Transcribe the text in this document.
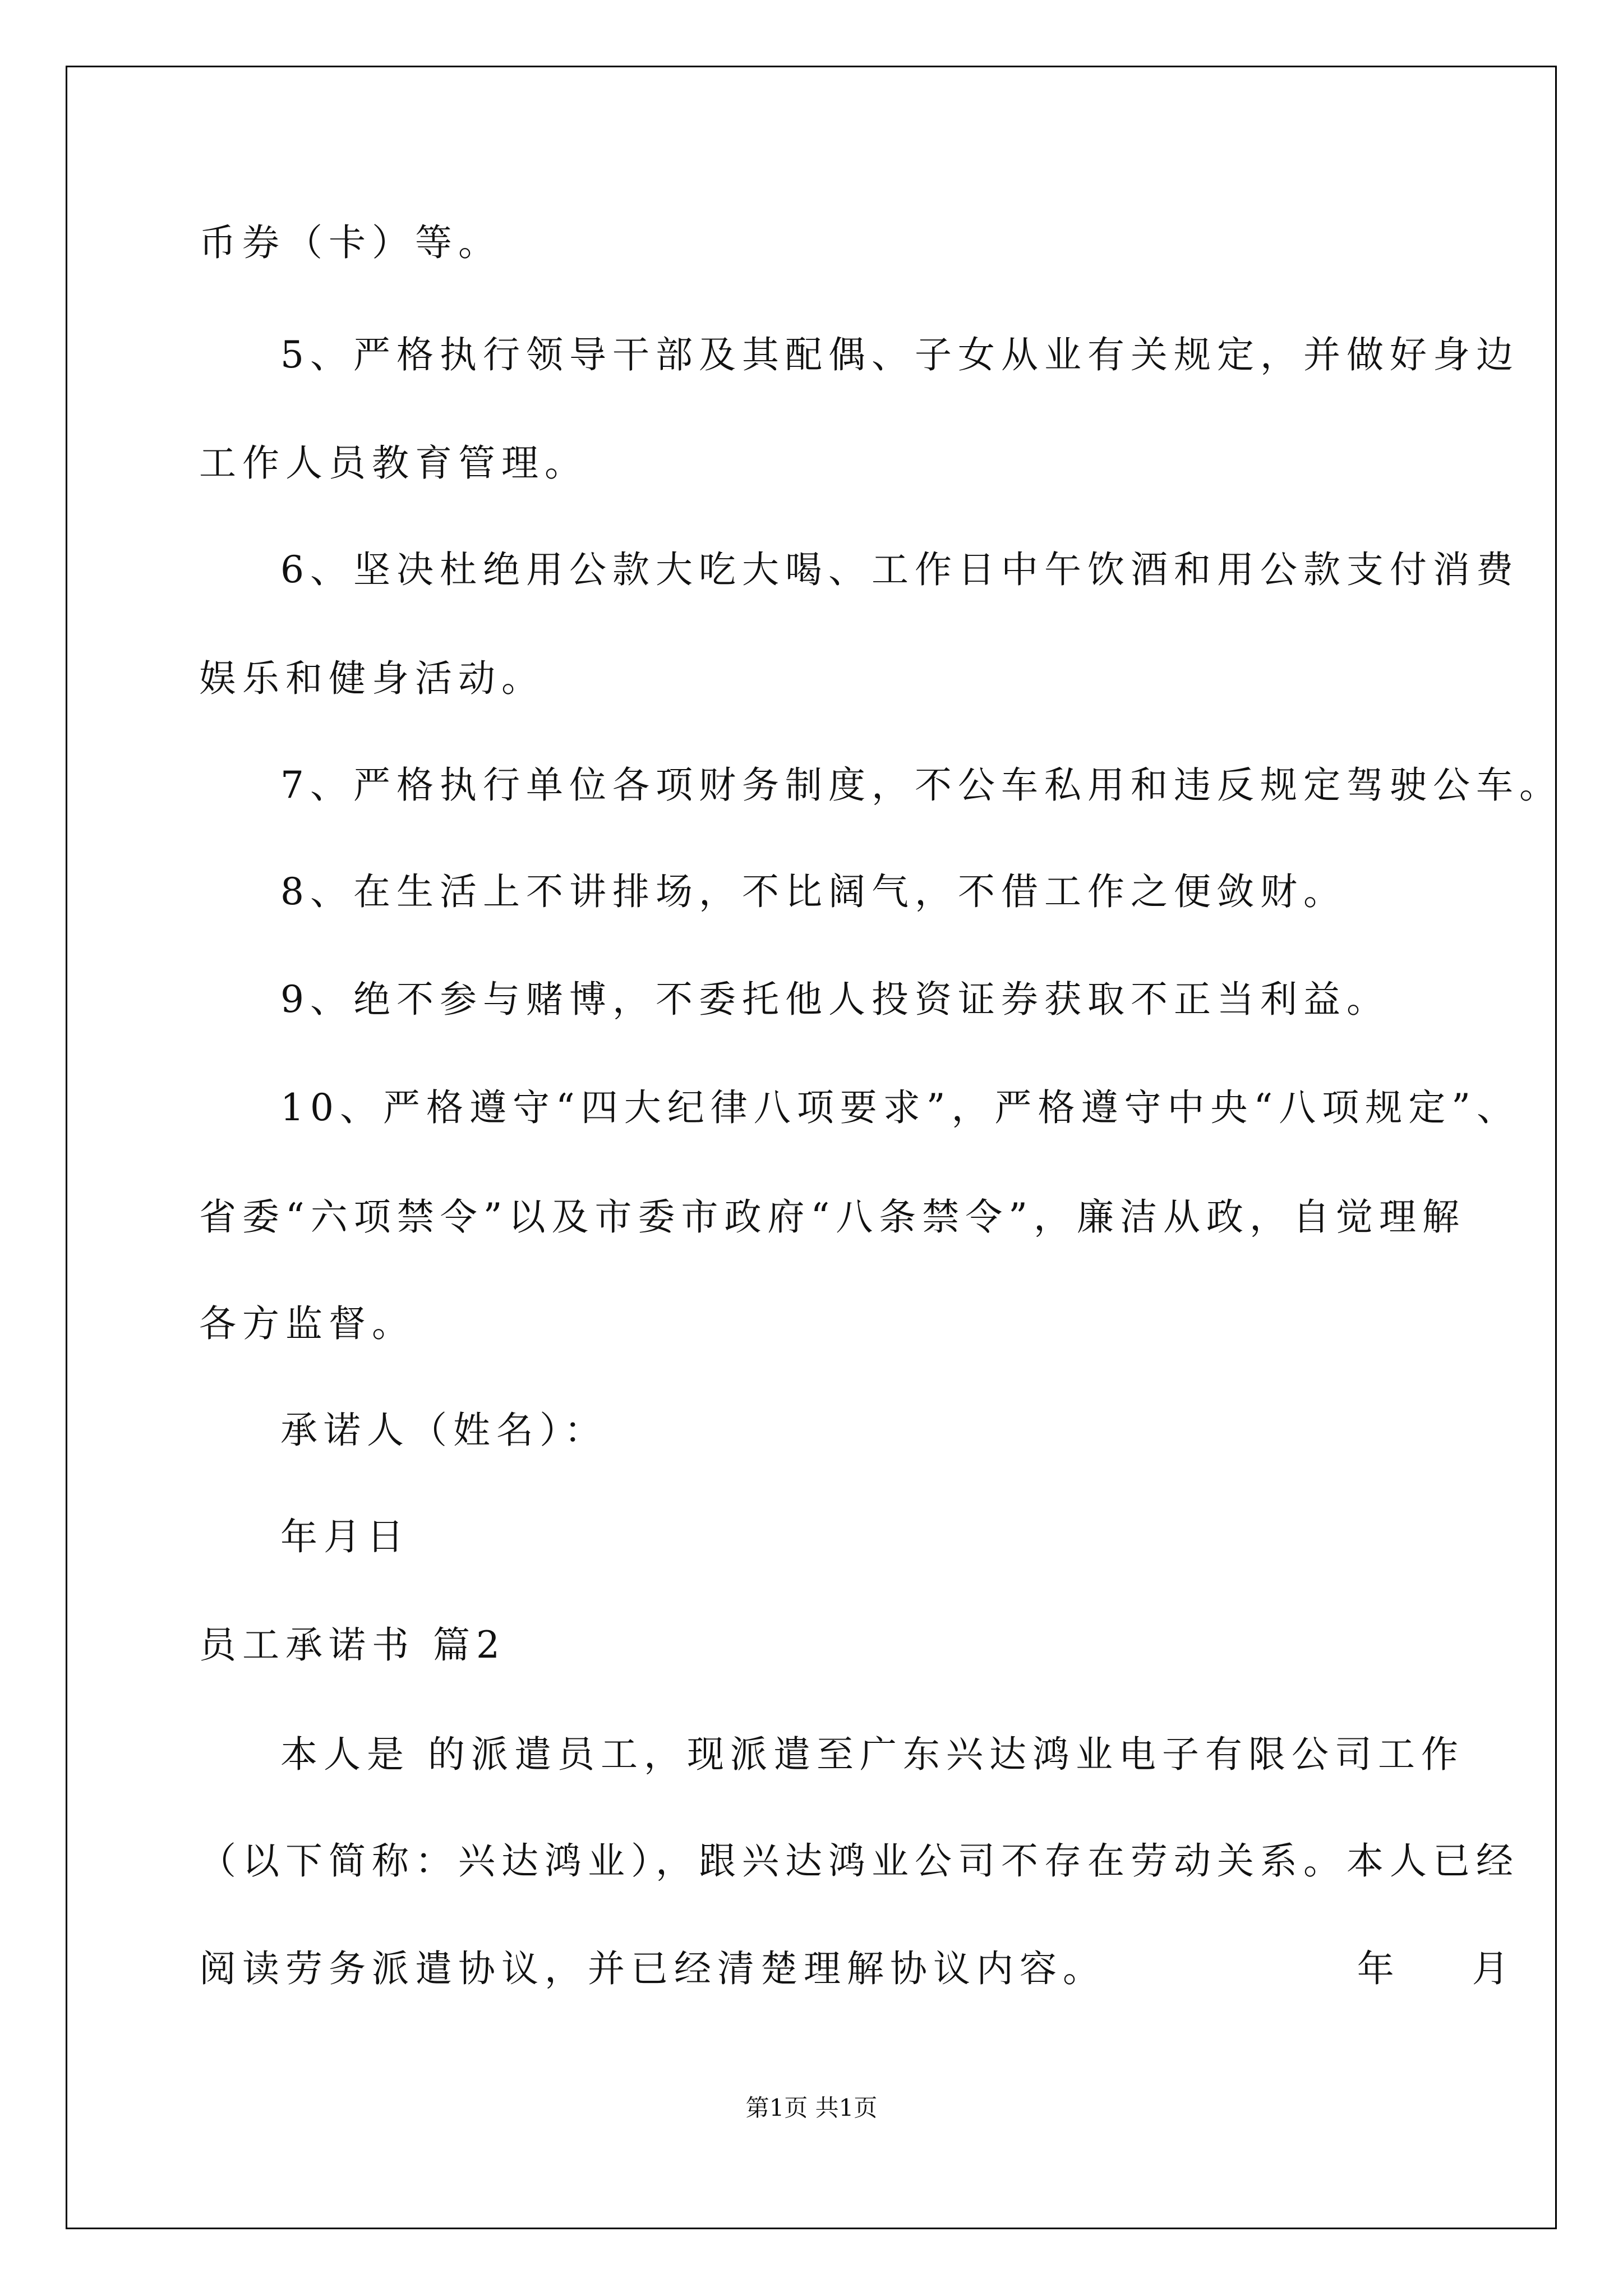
币券（卡）等。

5、严格执行领导干部及其配偶、子女从业有关规定，并做好身边

工作人员教育管理。

6、坚决杜绝用公款大吃大喝、工作日中午饮酒和用公款支付消费

娱乐和健身活动。

7、严格执行单位各项财务制度，不公车私用和违反规定驾驶公车。

8、在生活上不讲排场，不比阔气，不借工作之便敛财。

9、绝不参与赌博，不委托他人投资证券获取不正当利益。

10、严格遵守“四大纪律八项要求”，严格遵守中央“八项规定”、

省委“六项禁令”以及市委市政府“八条禁令”，廉洁从政，自觉理解

各方监督。

承诺人（姓名）：

年月日

员工承诺书 篇2

本人是 的派遣员工，现派遣至广东兴达鸿业电子有限公司工作

（以下简称：兴达鸿业），跟兴达鸿业公司不存在劳动关系。本人已经

阅读劳务派遣协议，并已经清楚理解协议内容。              年    月

第1页 共1页
